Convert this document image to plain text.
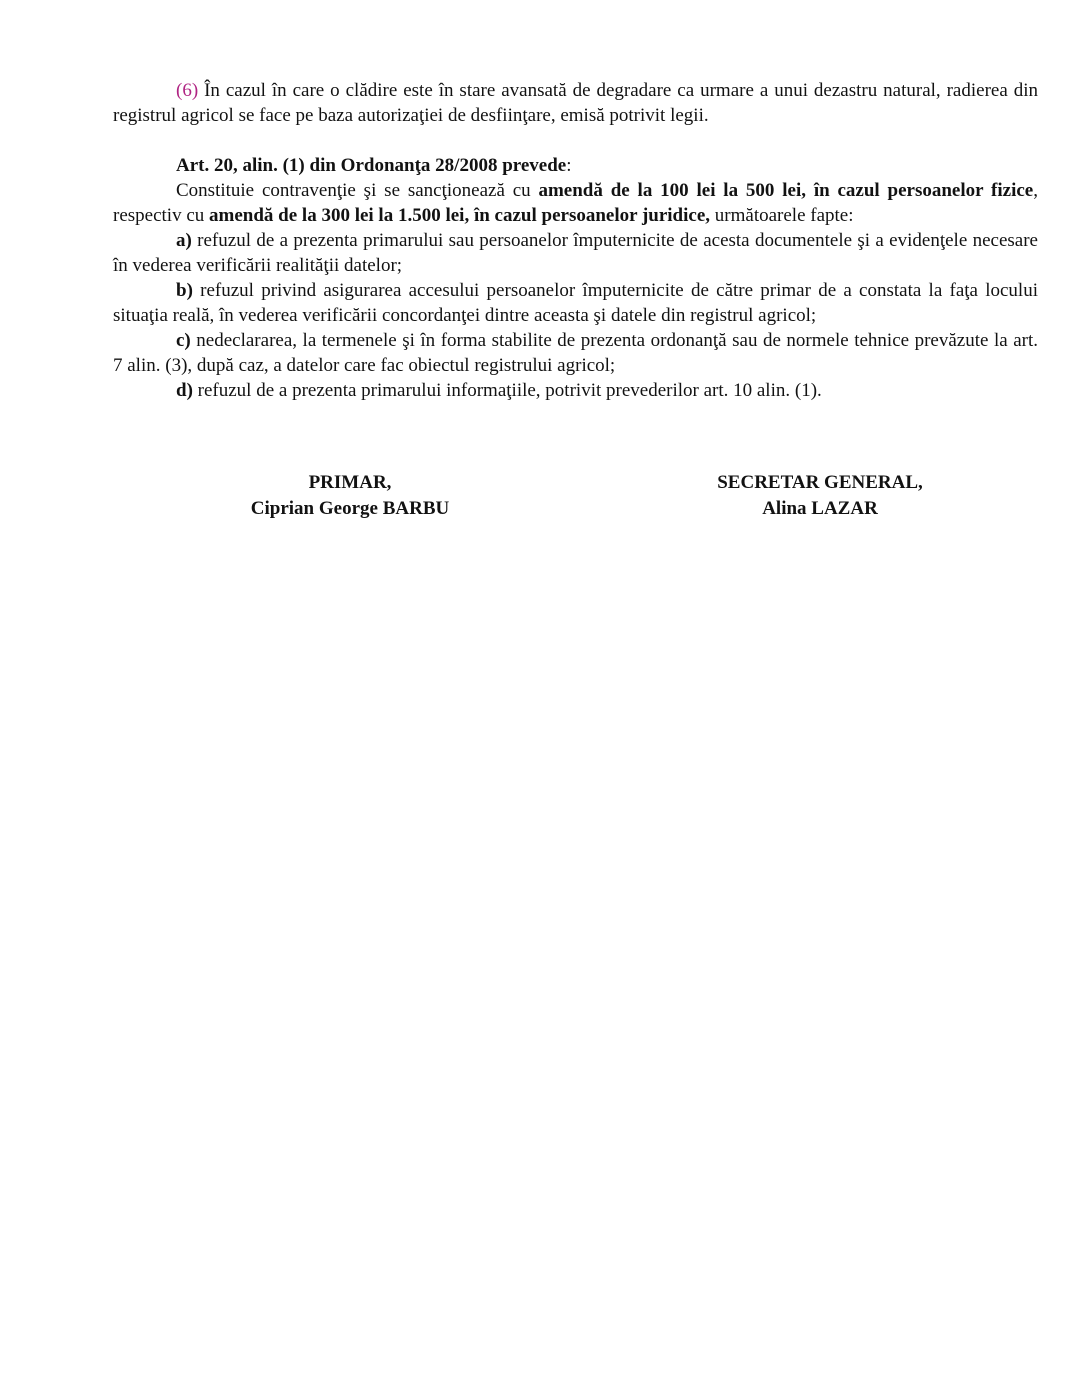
(6) În cazul în care o clădire este în stare avansată de degradare ca urmare a unui dezastru natural, radierea din registrul agricol se face pe baza autorizaţiei de desfiinţare, emisă potrivit legii.

Art. 20, alin. (1) din Ordonanţa 28/2008 prevede:

Constituie contravenţie şi se sancţionează cu amendă de la 100 lei la 500 lei, în cazul persoanelor fizice, respectiv cu amendă de la 300 lei la 1.500 lei, în cazul persoanelor juridice, următoarele fapte:

a) refuzul de a prezenta primarului sau persoanelor împuternicite de acesta documentele şi a evidenţele necesare în vederea verificării realităţii datelor;

b) refuzul privind asigurarea accesului persoanelor împuternicite de către primar de a constata la faţa locului situaţia reală, în vederea verificării concordanţei dintre aceasta şi datele din registrul agricol;

c) nedeclararea, la termenele şi în forma stabilite de prezenta ordonanţă sau de normele tehnice prevăzute la art. 7 alin. (3), după caz, a datelor care fac obiectul registrului agricol;

d) refuzul de a prezenta primarului informaţiile, potrivit prevederilor art. 10 alin. (1).

PRIMAR,
Ciprian George BARBU
SECRETAR GENERAL,
Alina LAZAR
